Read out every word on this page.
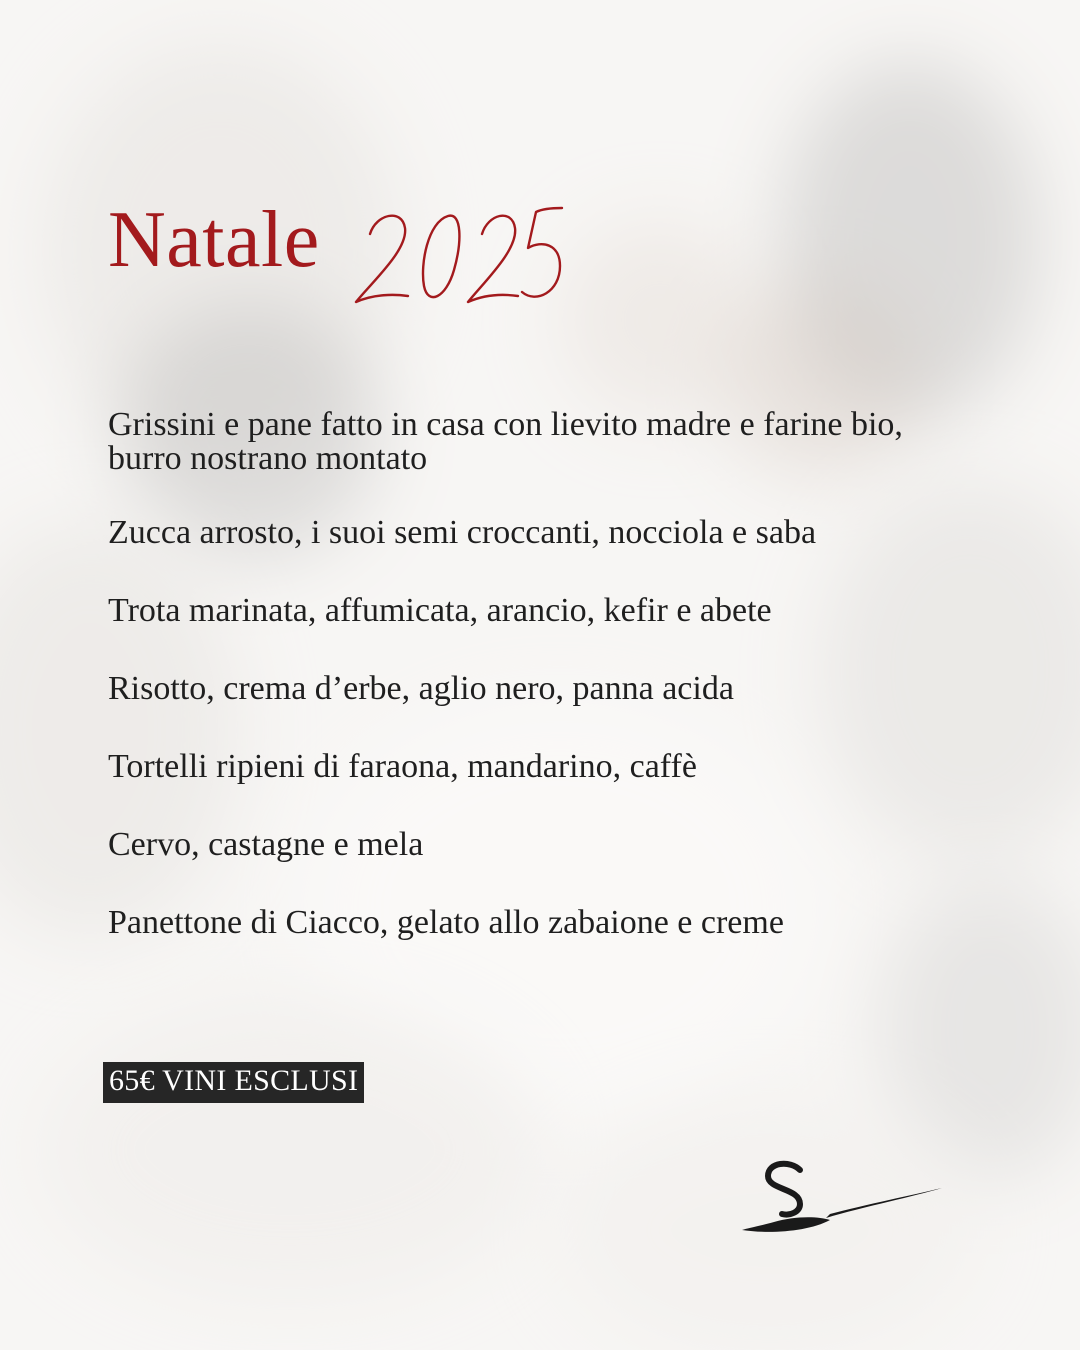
Natale
Grissini e pane fatto in casa con lievito madre e farine bio, burro nostrano montato
Zucca arrosto, i suoi semi croccanti, nocciola e saba
Trota marinata, affumicata, arancio, kefir e abete
Risotto, crema d’erbe, aglio nero, panna acida
Tortelli ripieni di faraona, mandarino, caffè
Cervo, castagne e mela
Panettone di Ciacco, gelato allo zabaione e creme
65€ VINI ESCLUSI
